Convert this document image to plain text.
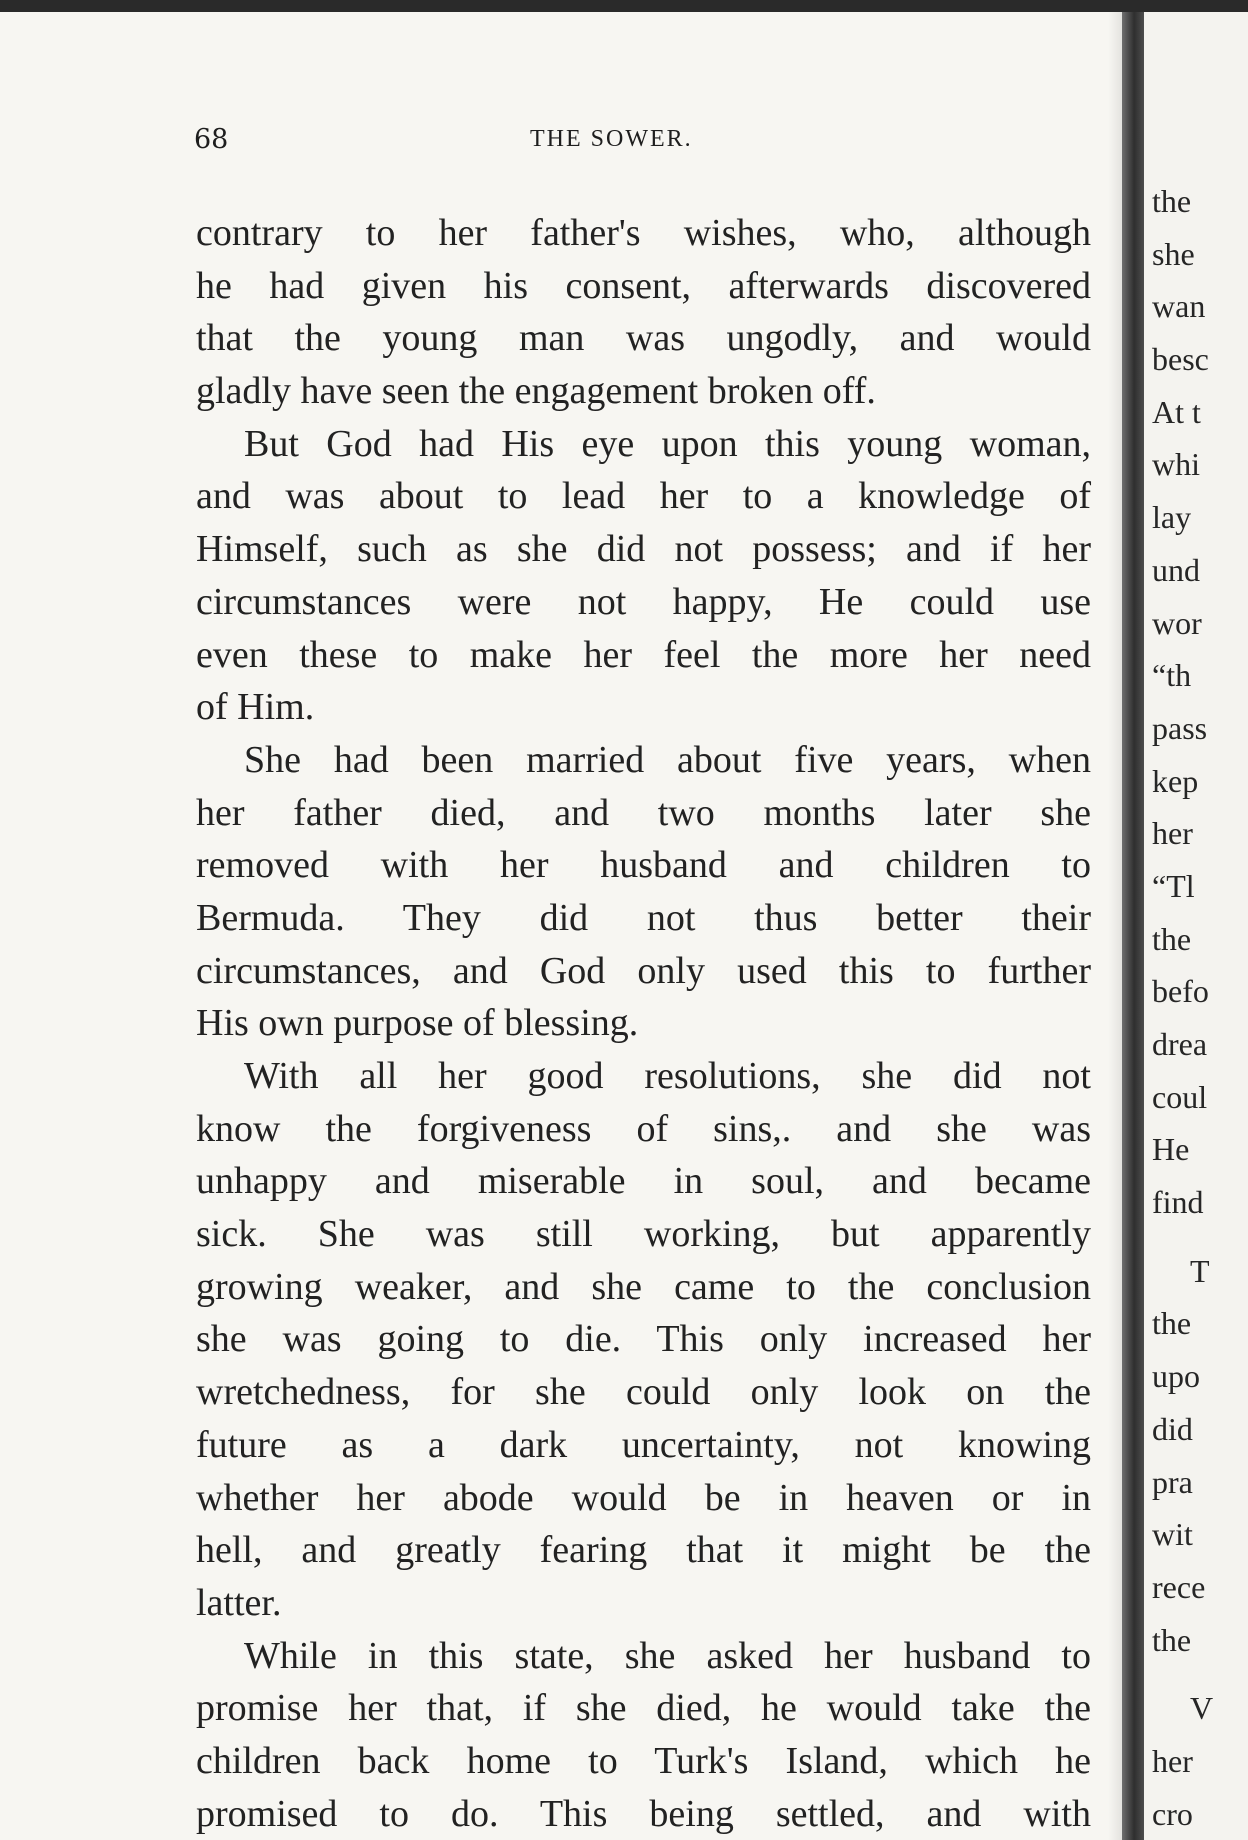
68	THE SOWER.
contrary to her father's wishes, who, although
he had given his consent, afterwards discovered
that the young man was ungodly, and would
gladly have seen the engagement broken off.
But God had His eye upon this young woman,
and was about to lead her to a knowledge of
Himself, such as she did not possess; and if her
circumstances were not happy, He could use
even these to make her feel the more her need
of Him.
She had been married about five years, when
her father died, and two months later she
removed with her husband and children to
Bermuda. They did not thus better their
circumstances, and God only used this to further
His own purpose of blessing.
With all her good resolutions, she did not
know the forgiveness of sins,. and she was
unhappy and miserable in soul, and became
sick. She was still working, but apparently
growing weaker, and she came to the conclusion
she was going to die. This only increased her
wretchedness, for she could only look on the
future as a dark uncertainty, not knowing
whether her abode would be in heaven or in
hell, and greatly fearing that it might be the
latter.
While in this state, she asked her husband to
promise her that, if she died, he would take the
children back home to Turk's Island, which he
promised to do. This being settled, and with
the
she
wan
besc
At t
whi
lay
und
wor
“th
pass
kep
her
“Tl
the
befo
drea
coul
He
find
T
the
upo
did
pra
wit
rece
the
V
her
cro
